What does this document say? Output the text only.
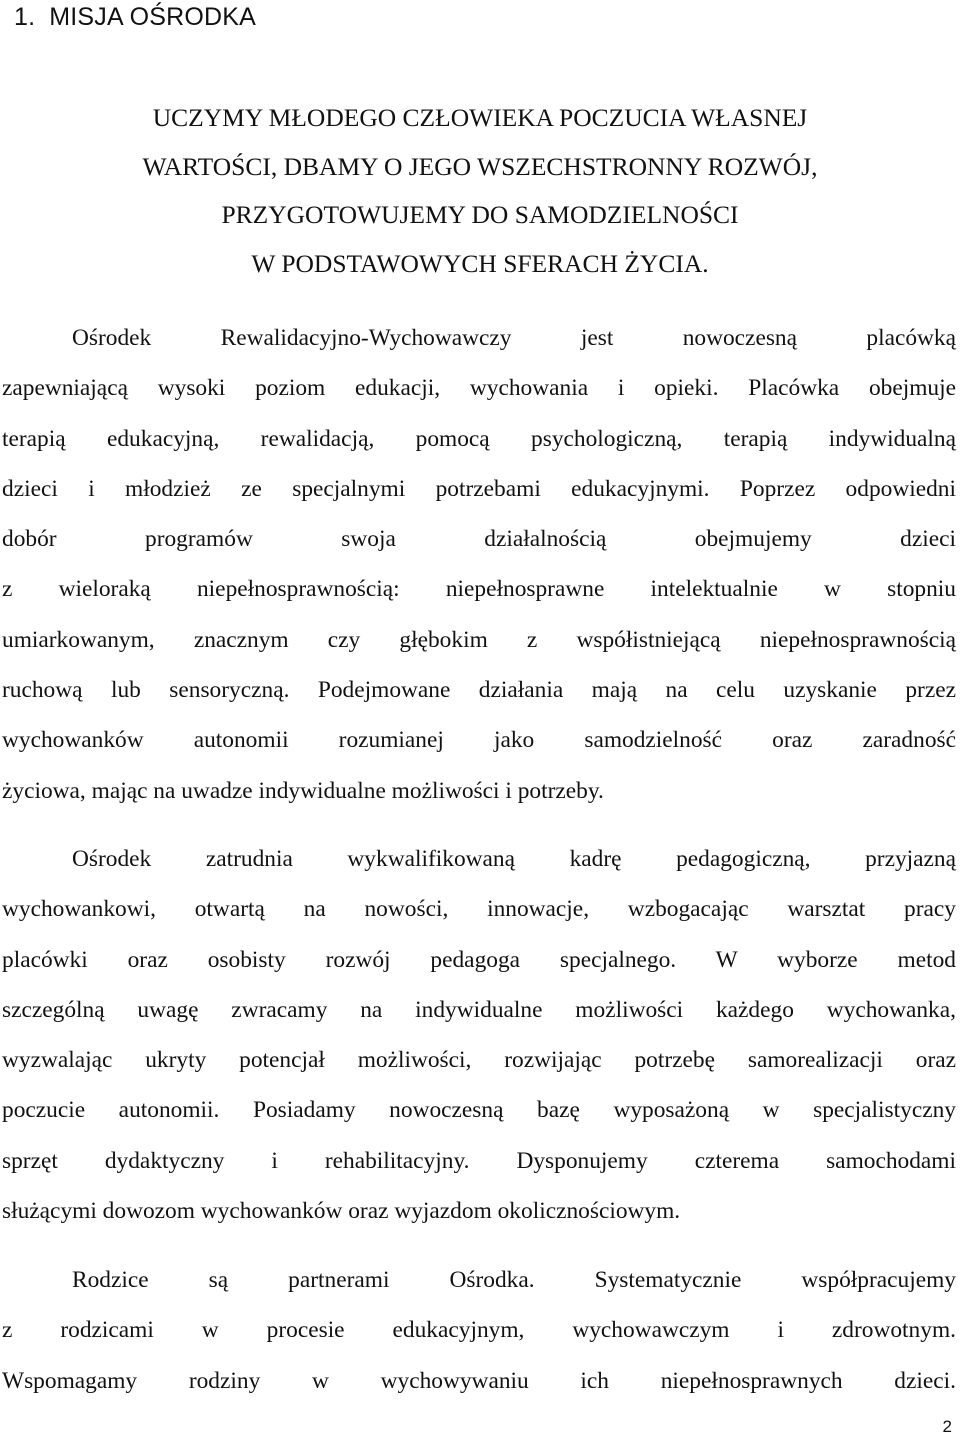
1. MISJA OŚRODKA
UCZYMY MŁODEGO CZŁOWIEKA POCZUCIA WŁASNEJ
WARTOŚCI, DBAMY O JEGO WSZECHSTRONNY ROZWÓJ,
PRZYGOTOWUJEMY DO SAMODZIELNOŚCI
W PODSTAWOWYCH SFERACH ŻYCIA.

Ośrodek Rewalidacyjno-Wychowawczy jest nowoczesną placówką
zapewniającą wysoki poziom edukacji, wychowania i opieki. Placówka obejmuje
terapią edukacyjną, rewalidacją, pomocą psychologiczną, terapią indywidualną
dzieci i młodzież ze specjalnymi potrzebami edukacyjnymi. Poprzez odpowiedni
dobór programów swoja działalnością obejmujemy dzieci
z wieloraką niepełnosprawnością: niepełnosprawne intelektualnie w stopniu
umiarkowanym, znacznym czy głębokim z współistniejącą niepełnosprawnością
ruchową lub sensoryczną. Podejmowane działania mają na celu uzyskanie przez
wychowanków autonomii rozumianej jako samodzielność oraz zaradność
życiowa, mając na uwadze indywidualne możliwości i potrzeby.

Ośrodek zatrudnia wykwalifikowaną kadrę pedagogiczną, przyjazną
wychowankowi, otwartą na nowości, innowacje, wzbogacając warsztat pracy
placówki oraz osobisty rozwój pedagoga specjalnego. W wyborze metod
szczególną uwagę zwracamy na indywidualne możliwości każdego wychowanka,
wyzwalając ukryty potencjał możliwości, rozwijając potrzebę samorealizacji oraz
poczucie autonomii. Posiadamy nowoczesną bazę wyposażoną w specjalistyczny
sprzęt dydaktyczny i rehabilitacyjny. Dysponujemy czterema samochodami
służącymi dowozom wychowanków oraz wyjazdom okolicznościowym.

Rodzice są partnerami Ośrodka. Systematycznie współpracujemy
z rodzicami w procesie edukacyjnym, wychowawczym i zdrowotnym.
Wspomagamy rodziny w wychowywaniu ich niepełnosprawnych dzieci.

2
